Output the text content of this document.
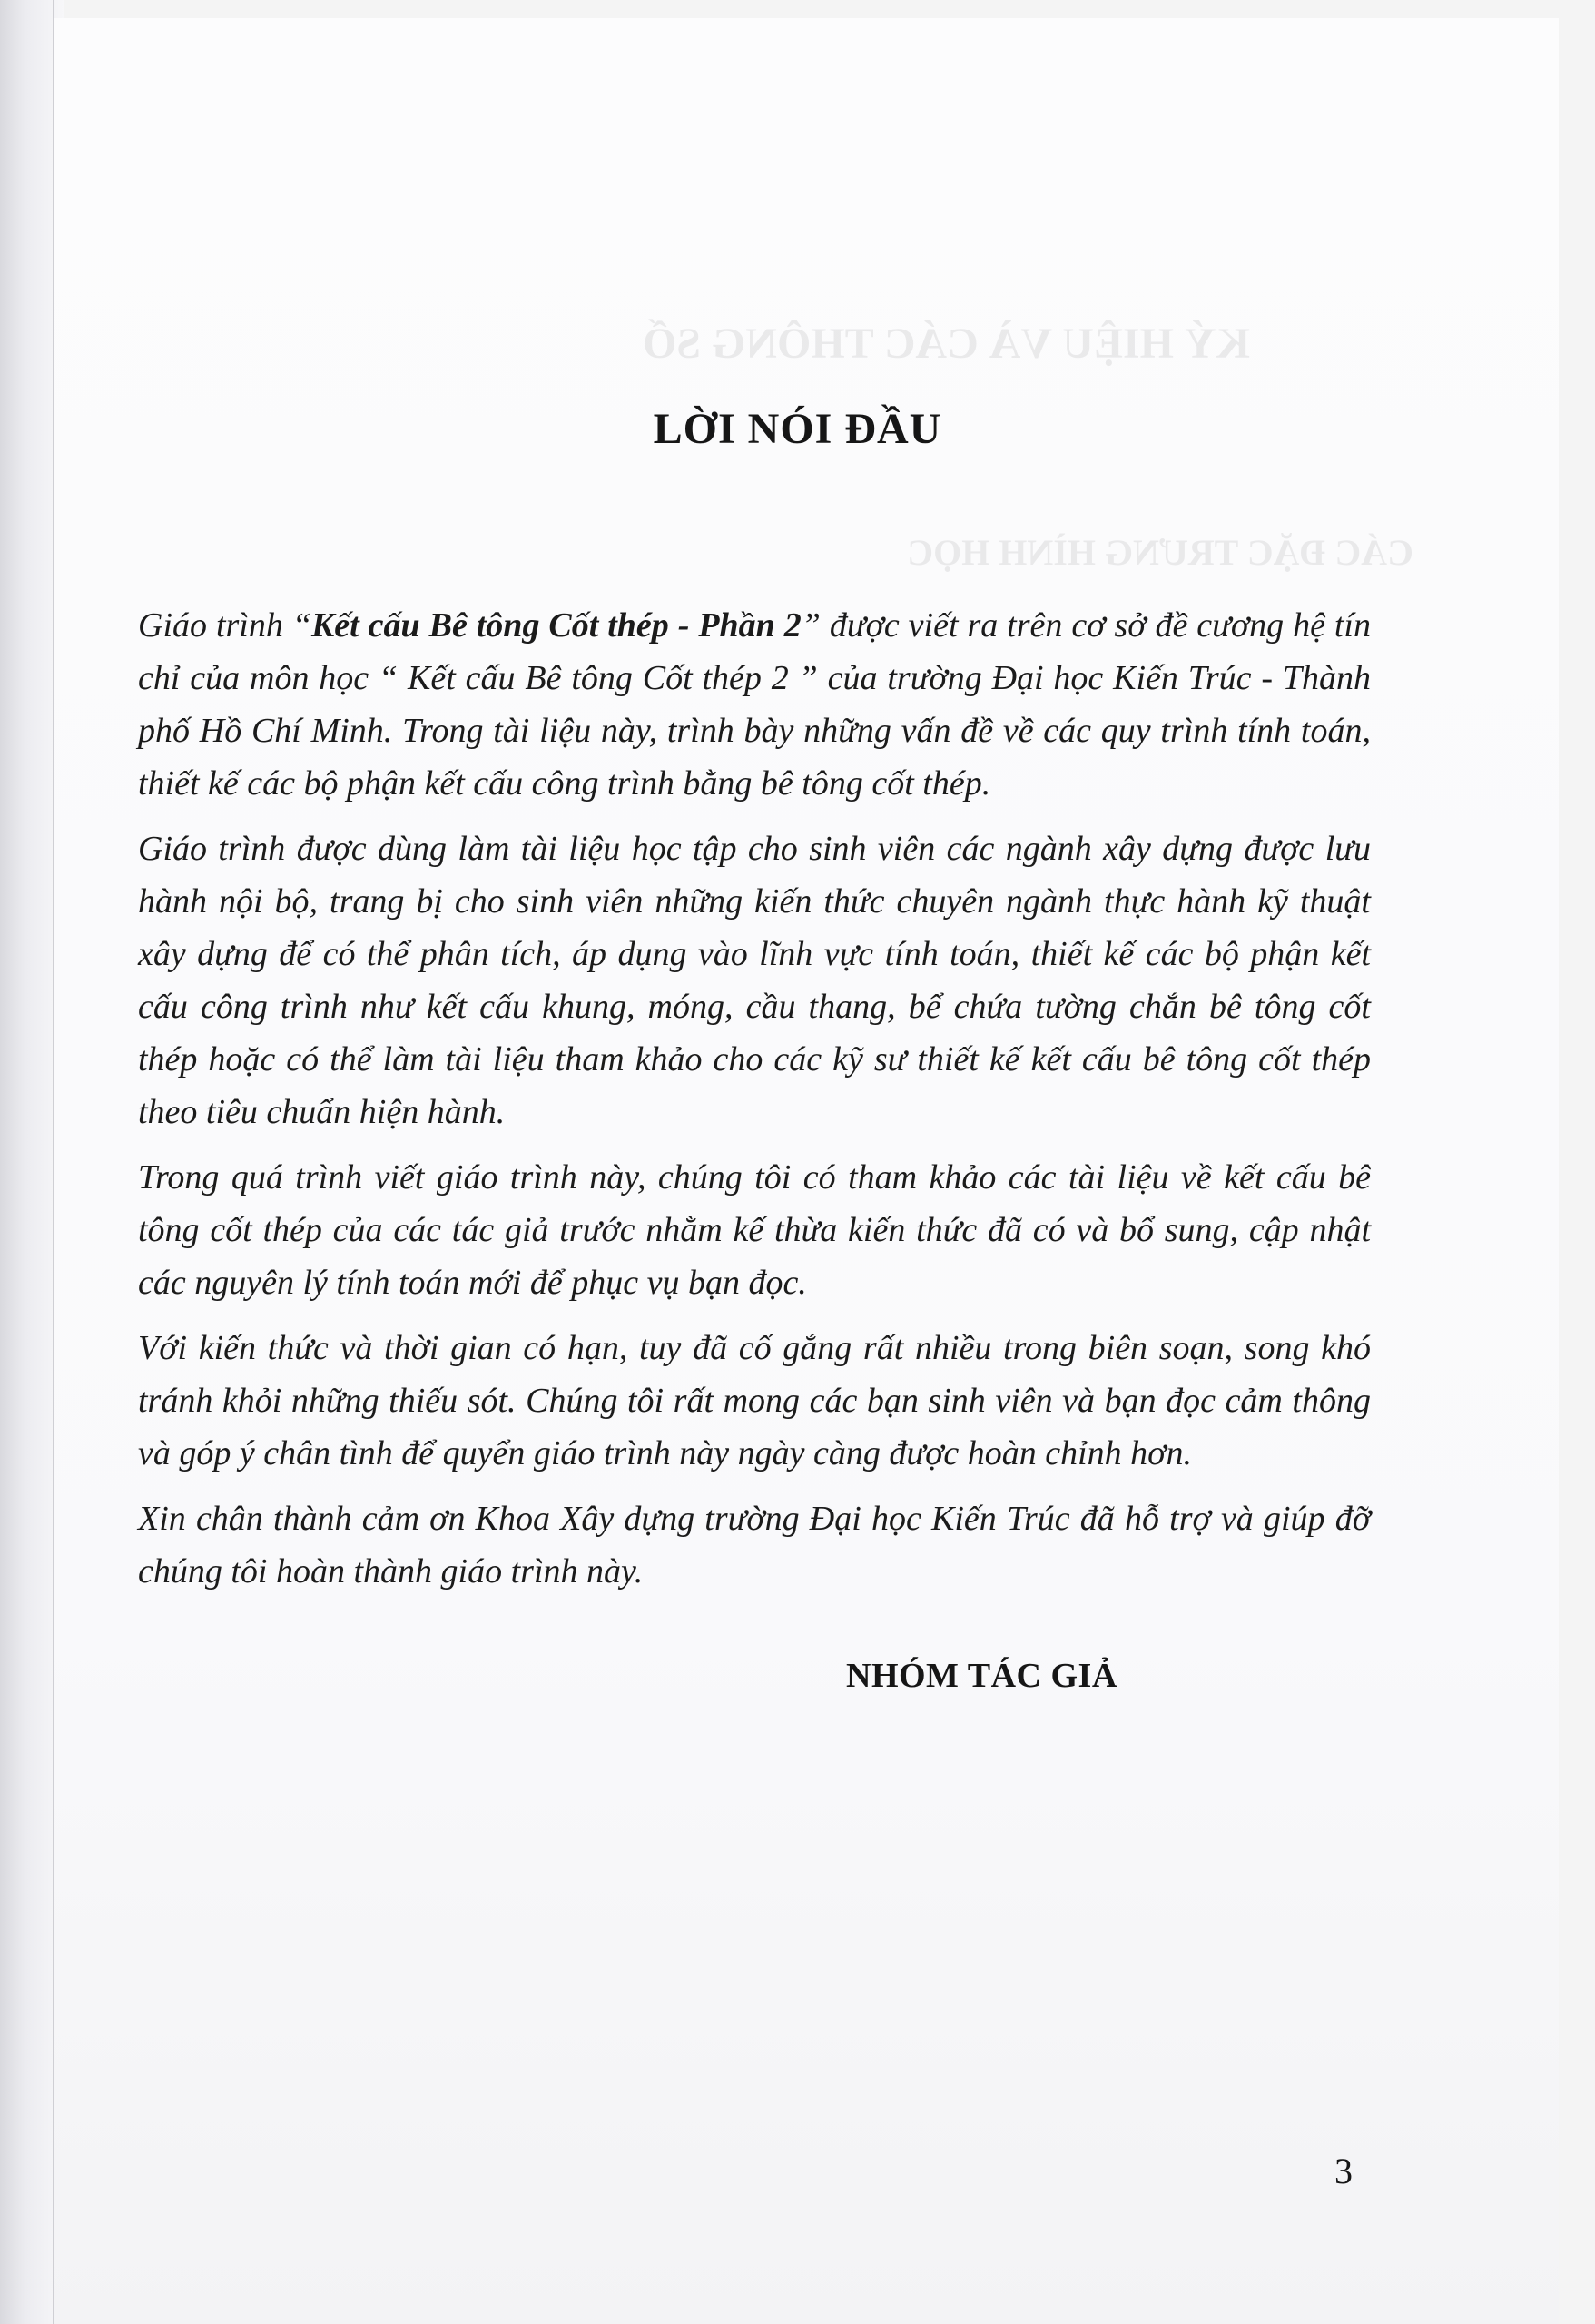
KÝ HIỆU VÀ CÁC THÔNG SỐ
CÁC ĐẶC TRƯNG HÌNH HỌC
LỜI NÓI ĐẦU

Giáo trình “Kết cấu Bê tông Cốt thép - Phần 2” được viết ra trên cơ sở đề cương hệ tín chỉ của môn học “ Kết cấu Bê tông Cốt thép 2 ” của trường Đại học Kiến Trúc - Thành phố Hồ Chí Minh. Trong tài liệu này, trình bày những vấn đề về các quy trình tính toán, thiết kế các bộ phận kết cấu công trình bằng bê tông cốt thép.

Giáo trình được dùng làm tài liệu học tập cho sinh viên các ngành xây dựng được lưu hành nội bộ, trang bị cho sinh viên những kiến thức chuyên ngành thực hành kỹ thuật xây dựng để có thể phân tích, áp dụng vào lĩnh vực tính toán, thiết kế các bộ phận kết cấu công trình như kết cấu khung, móng, cầu thang, bể chứa tường chắn bê tông cốt thép hoặc có thể làm tài liệu tham khảo cho các kỹ sư thiết kế kết cấu bê tông cốt thép theo tiêu chuẩn hiện hành.

Trong quá trình viết giáo trình này, chúng tôi có tham khảo các tài liệu về kết cấu bê tông cốt thép của các tác giả trước nhằm kế thừa kiến thức đã có và bổ sung, cập nhật các nguyên lý tính toán mới để phục vụ bạn đọc.

Với kiến thức và thời gian có hạn, tuy đã cố gắng rất nhiều trong biên soạn, song khó tránh khỏi những thiếu sót. Chúng tôi rất mong các bạn sinh viên và bạn đọc cảm thông và góp ý chân tình để quyển giáo trình này ngày càng được hoàn chỉnh hơn.

Xin chân thành cảm ơn Khoa Xây dựng trường Đại học Kiến Trúc đã hỗ trợ và giúp đỡ chúng tôi hoàn thành giáo trình này.

NHÓM TÁC GIẢ
3
